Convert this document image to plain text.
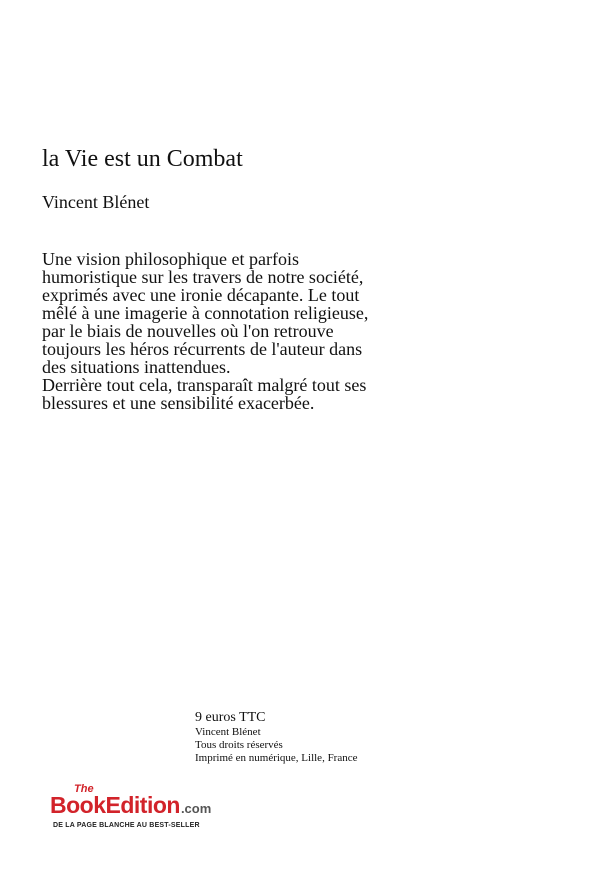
la Vie est un Combat
Vincent Blénet
Une vision philosophique et parfois
humoristique sur les travers de notre société,
exprimés avec une ironie décapante. Le tout
mêlé à une imagerie à connotation religieuse,
par le biais de nouvelles où l'on retrouve
toujours les héros récurrents de l'auteur dans
des situations inattendues.
Derrière tout cela, transparaît malgré tout ses
blessures et une sensibilité exacerbée.
9 euros TTC
Vincent Blénet
Tous droits réservés
Imprimé en numérique, Lille, France
The
BookEdition.com
DE LA PAGE BLANCHE AU BEST-SELLER
